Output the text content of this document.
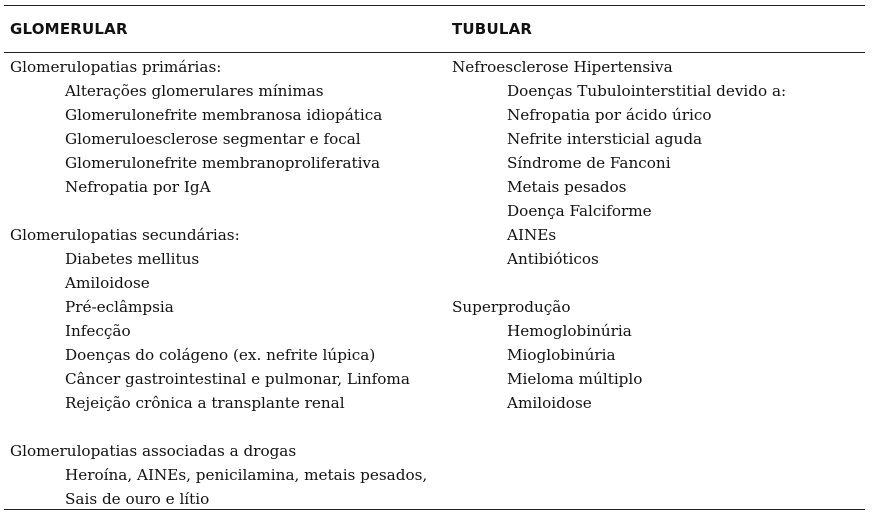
GLOMERULAR	TUBULAR
Glomerulopatias primárias:
Alterações glomerulares mínimas
Glomerulonefrite membranosa idiopática
Glomeruloesclerose segmentar e focal
Glomerulonefrite membranoproliferativa
Nefropatia por IgA
Glomerulopatias secundárias:
Diabetes mellitus
Amiloidose
Pré-eclâmpsia
Infecção
Doenças do colágeno (ex. nefrite lúpica)
Câncer gastrointestinal e pulmonar, Linfoma
Rejeição crônica a transplante renal
Glomerulopatias associadas a drogas
Heroína, AINEs, penicilamina, metais pesados,
Sais de ouro e lítio
Nefroesclerose Hipertensiva
Doenças Tubulointerstitial devido a:
Nefropatia por ácido úrico
Nefrite intersticial aguda
Síndrome de Fanconi
Metais pesados
Doença Falciforme
AINEs
Antibióticos
Superprodução
Hemoglobinúria
Mioglobinúria
Mieloma múltiplo
Amiloidose
